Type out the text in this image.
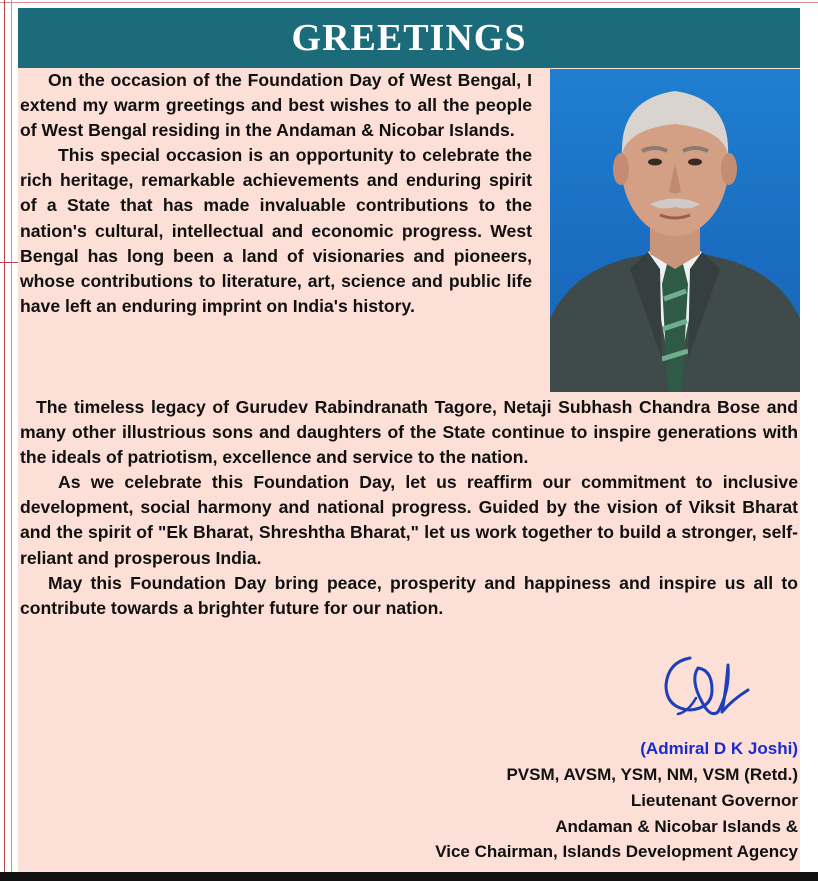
GREETINGS

On the occasion of the Foundation Day of West Bengal, I extend my warm greetings and best wishes to all the people of West Bengal residing in the Andaman & Nicobar Islands.

This special occasion is an opportunity to celebrate the rich heritage, remarkable achievements and enduring spirit of a State that has made invaluable contributions to the nation's cultural, intellectual and economic progress. West Bengal has long been a land of visionaries and pioneers, whose contributions to literature, art, science and public life have left an enduring imprint on India's history.

The timeless legacy of Gurudev Rabindranath Tagore, Netaji Subhash Chandra Bose and many other illustrious sons and daughters of the State continue to inspire generations with the ideals of patriotism, excellence and service to the nation.

As we celebrate this Foundation Day, let us reaffirm our commitment to inclusive development, social harmony and national progress. Guided by the vision of Viksit Bharat and the spirit of "Ek Bharat, Shreshtha Bharat," let us work together to build a stronger, self-reliant and prosperous India.

May this Foundation Day bring peace, prosperity and happiness and inspire us all to contribute towards a brighter future for our nation.

(Admiral D K Joshi)
PVSM, AVSM, YSM, NM, VSM (Retd.)
Lieutenant Governor
Andaman & Nicobar Islands &
Vice Chairman, Islands Development Agency
